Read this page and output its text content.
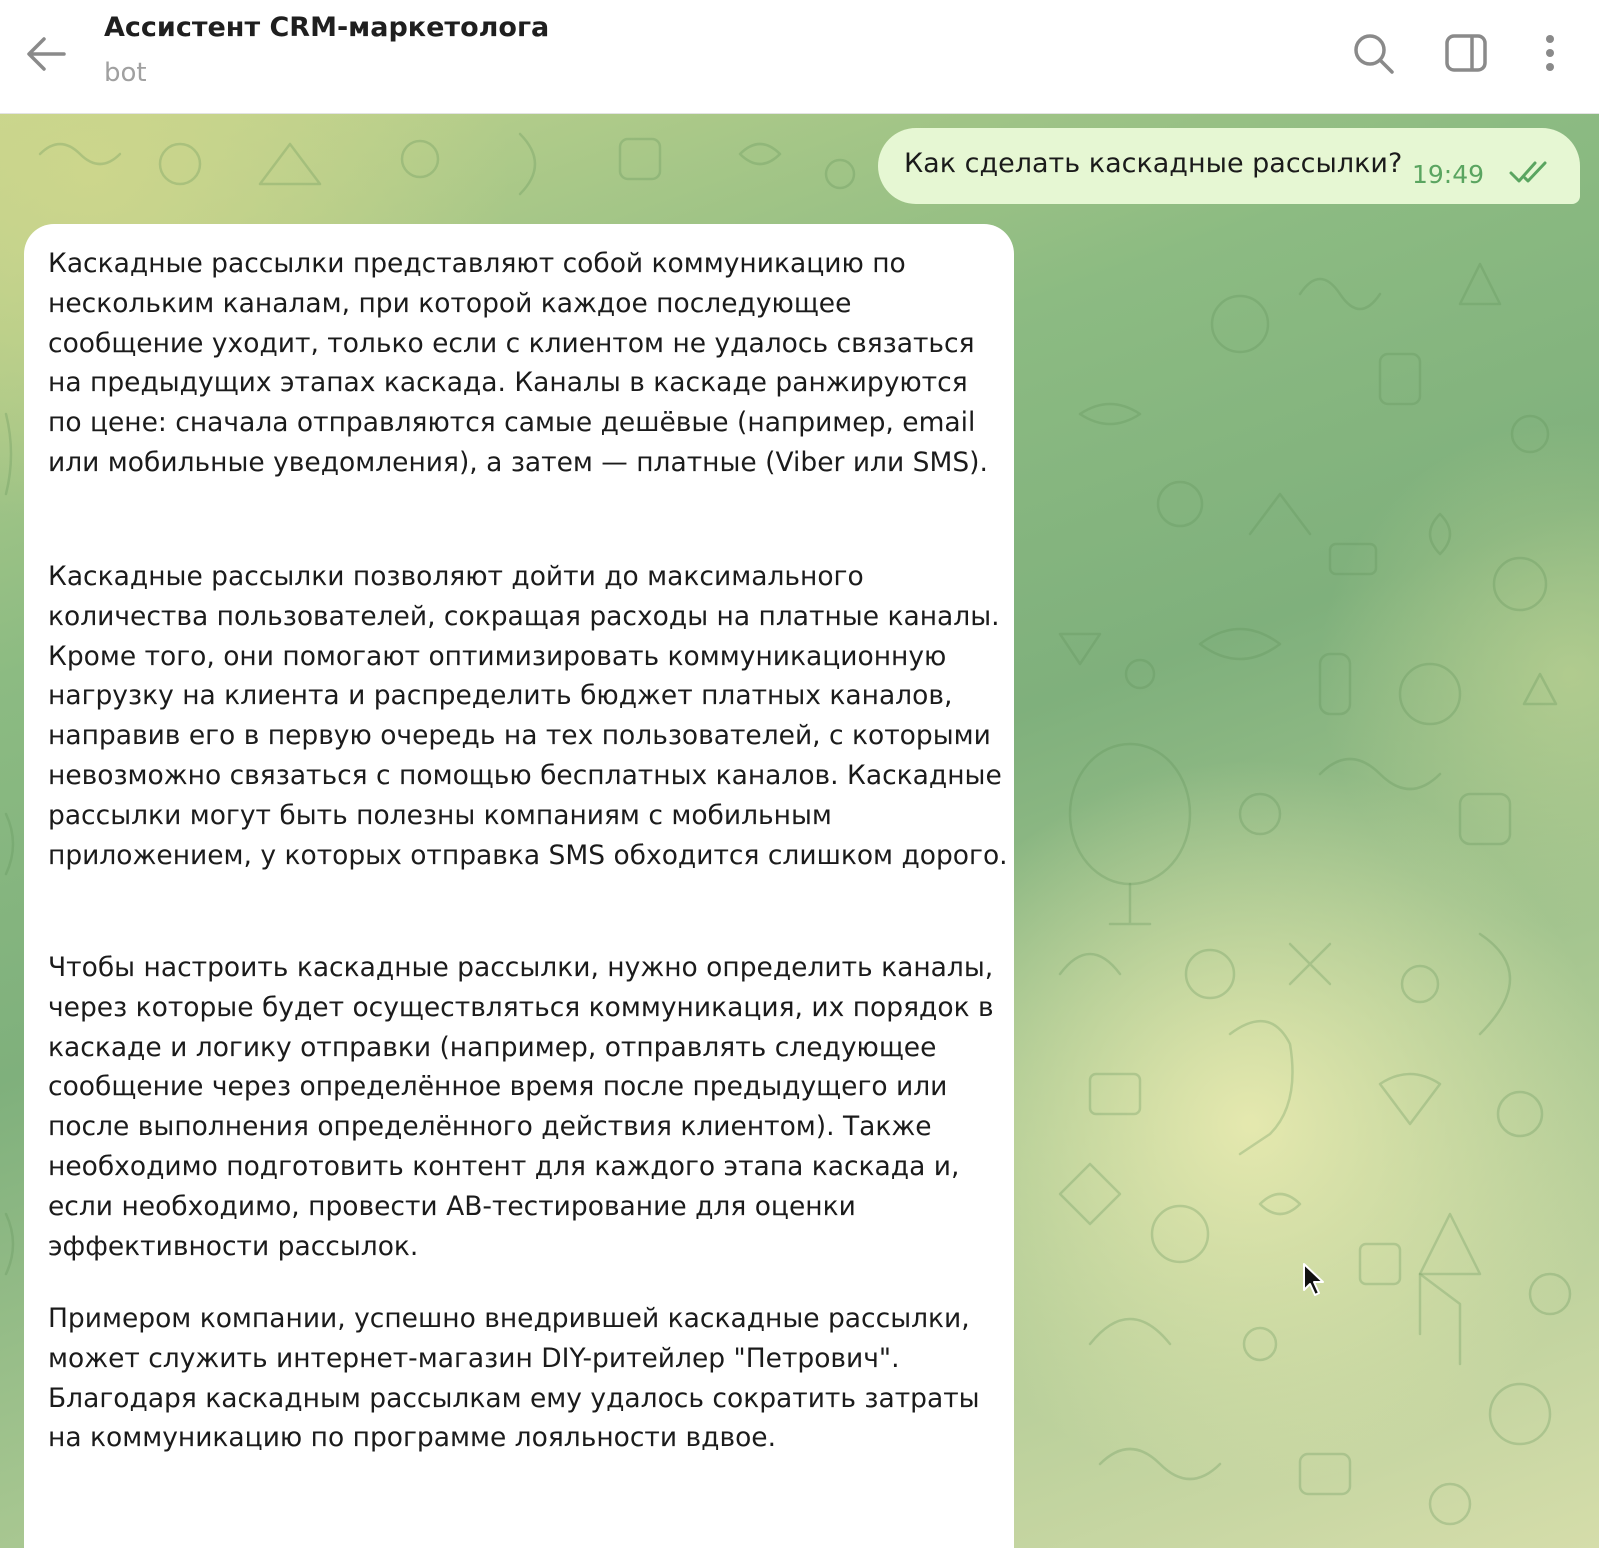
Ассистент CRM-маркетолога
bot
Как сделать каскадные рассылки? 19:49

Каскадные рассылки представляют собой коммуникацию по нескольким каналам, при которой каждое последующее сообщение уходит, только если с клиентом не удалось связаться на предыдущих этапах каскада. Каналы в каскаде ранжируются по цене: сначала отправляются самые дешёвые (например, email или мобильные уведомления), а затем — платные (Viber или SMS).

Каскадные рассылки позволяют дойти до максимального количества пользователей, сокращая расходы на платные каналы. Кроме того, они помогают оптимизировать коммуникационную нагрузку на клиента и распределить бюджет платных каналов, направив его в первую очередь на тех пользователей, с которыми невозможно связаться с помощью бесплатных каналов. Каскадные рассылки могут быть полезны компаниям с мобильным приложением, у которых отправка SMS обходится слишком дорого.

Чтобы настроить каскадные рассылки, нужно определить каналы, через которые будет осуществляться коммуникация, их порядок в каскаде и логику отправки (например, отправлять следующее сообщение через определённое время после предыдущего или после выполнения определённого действия клиентом). Также необходимо подготовить контент для каждого этапа каскада и, если необходимо, провести АВ-тестирование для оценки эффективности рассылок.

Примером компании, успешно внедрившей каскадные рассылки, может служить интернет-магазин DIY-ритейлер "Петрович". Благодаря каскадным рассылкам ему удалось сократить затраты на коммуникацию по программе лояльности вдвое.
